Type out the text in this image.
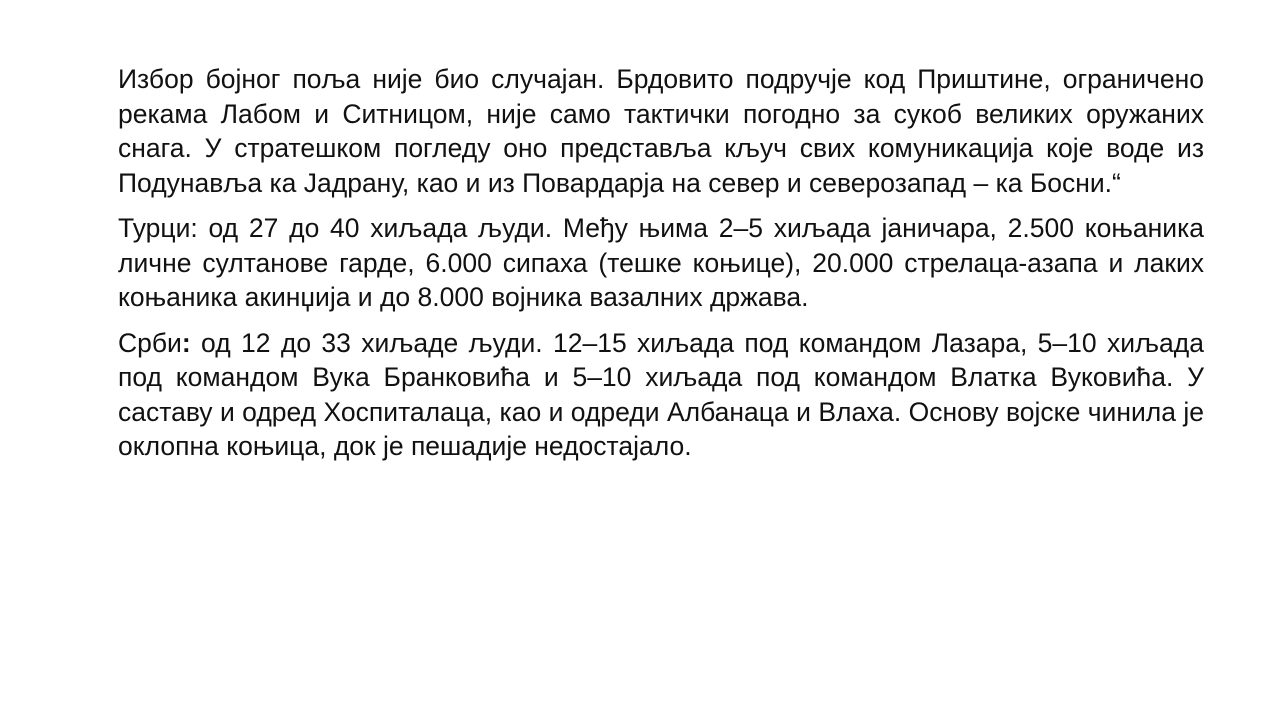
Избор бојног поља није био случајан. Брдовито подручје код Приштине, ограничено рекама Лабом и Ситницом, није само тактички погодно за сукоб великих оружаних снага. У стратешком погледу оно представља кључ свих комуникација које воде из Подунавља ка Јадрану, као и из Повардарја на север и северозапад – ка Босни.“

Турци: од 27 до 40 хиљада људи. Међу њима 2–5 хиљада јаничара, 2.500 коњаника личне султанове гарде, 6.000 сипаха (тешке коњице), 20.000 стрелаца-азапа и лаких коњаника акинџија и до 8.000 војника вазалних држава.

Срби: од 12 до 33 хиљаде људи. 12–15 хиљада под командом Лазара, 5–10 хиљада под командом Вука Бранковића и 5–10 хиљада под командом Влатка Вуковића. У саставу и одред Хоспиталаца, као и одреди Албанаца и Влаха. Основу војске чинила је оклопна коњица, док је пешадије недостајало.
